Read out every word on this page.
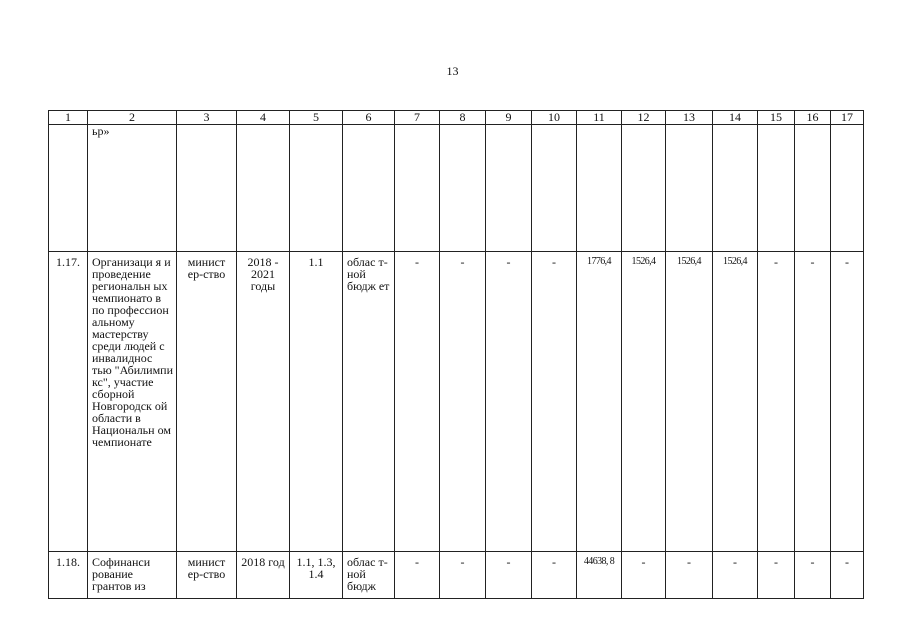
13
1	2	3	4	5	6	7	8	9	10	11	12	13	14	15	16	17
	ьр»															
1.17.	Организаци я и проведение региональн ых чемпионато в по профессион альному мастерству среди людей с инвалиднос тью "Абилимпи кс", участие сборной Новгородск ой области в Национальн ом чемпионате	минист ер-ство	2018 - 2021 годы	1.1	облас т-ной бюдж ет	-	-	-	-	1776,4	1526,4	1526,4	1526,4	-	-	-
1.18.	Софинанси рование грантов из	минист ер-ство	2018 год	1.1, 1.3, 1.4	облас т-ной бюдж	-	-	-	-	44638, 8	-	-	-	-	-	-
